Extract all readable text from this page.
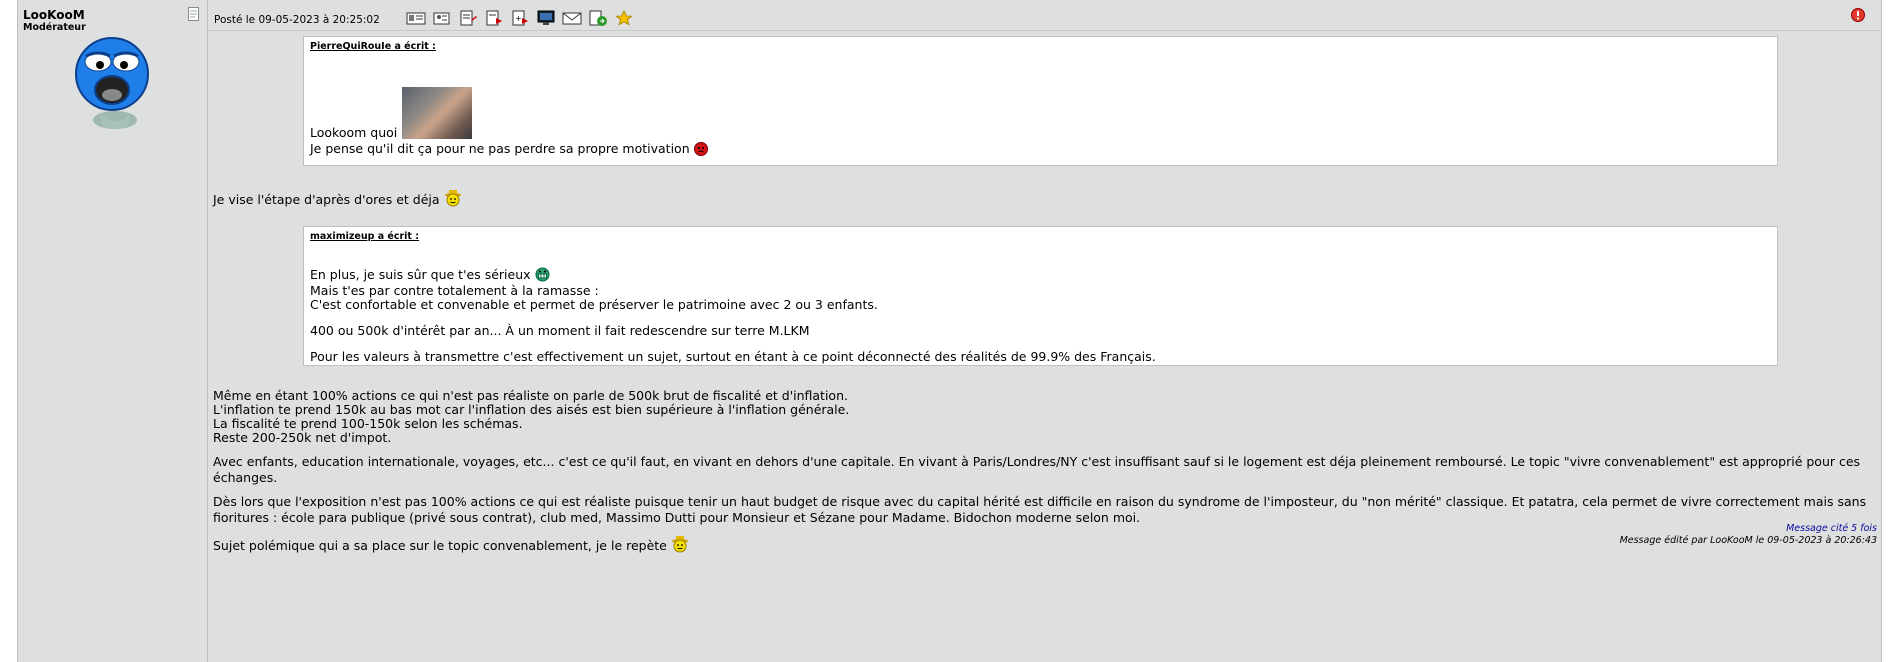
LooKooM
Modérateur
Posté le 09-05-2023 à 20:25:02	+
PierreQuiRouIe a écrit :
Lookoom quoi
Je pense qu'il dit ça pour ne pas perdre sa propre motivation
Je vise l'étape d'après d'ores et déja
maximizeup a écrit :
En plus, je suis sûr que t'es sérieux
Mais t'es par contre totalement à la ramasse :
C'est confortable et convenable et permet de préserver le patrimoine avec 2 ou 3 enfants.
400 ou 500k d'intérêt par an... À un moment il fait redescendre sur terre M.LKM
Pour les valeurs à transmettre c'est effectivement un sujet, surtout en étant à ce point déconnecté des réalités de 99.9% des Français.
Même en étant 100% actions ce qui n'est pas réaliste on parle de 500k brut de fiscalité et d'inflation.
L'inflation te prend 150k au bas mot car l'inflation des aisés est bien supérieure à l'inflation générale.
La fiscalité te prend 100-150k selon les schémas.
Reste 200-250k net d'impot.
Avec enfants, education internationale, voyages, etc... c'est ce qu'il faut, en vivant en dehors d'une capitale. En vivant à Paris/Londres/NY c'est insuffisant sauf si le logement est déja pleinement remboursé. Le topic "vivre convenablement" est approprié pour ces échanges.
Dès lors que l'exposition n'est pas 100% actions ce qui est réaliste puisque tenir un haut budget de risque avec du capital hérité est difficile en raison du syndrome de l'imposteur, du "non mérité" classique. Et patatra, cela permet de vivre correctement mais sans fioritures : école para publique (privé sous contrat), club med, Massimo Dutti pour Monsieur et Sézane pour Madame. Bidochon moderne selon moi.
Sujet polémique qui a sa place sur le topic convenablement, je le repète
Message cité 5 fois
Message édité par LooKooM le 09-05-2023 à 20:26:43
